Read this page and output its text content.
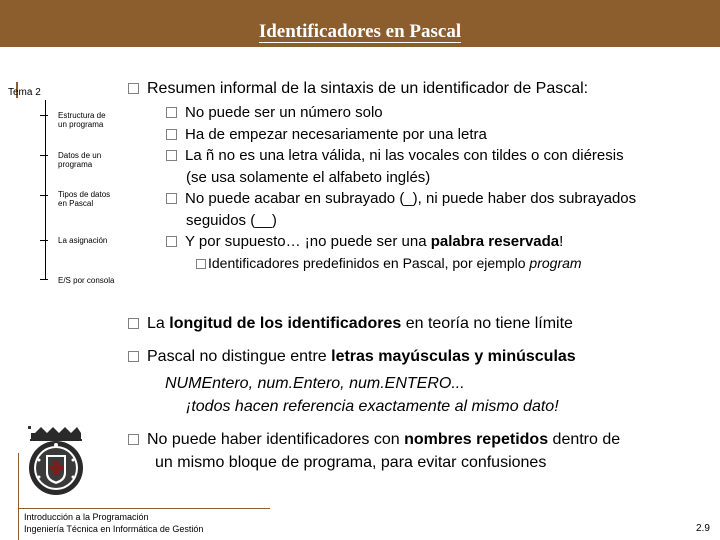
Identificadores en Pascal
Tema 2
Estructura de
un programa
Datos de un
programa
Tipos de datos
en Pascal
La asignación
E/S por consola
Resumen informal de la sintaxis de un identificador de Pascal:
No puede ser un número solo
Ha de empezar necesariamente por una letra
La ñ no es una letra válida, ni las vocales con tildes o con diéresis
(se usa solamente el alfabeto inglés)
No puede acabar en subrayado (_), ni puede haber dos subrayados
seguidos (__)
Y por supuesto… ¡no puede ser una palabra reservada!
Identificadores predefinidos en Pascal, por ejemplo program
La longitud de los identificadores en teoría no tiene límite
Pascal no distingue entre letras mayúsculas y minúsculas
NUMEntero, num.Entero, num.ENTERO...
¡todos hacen referencia exactamente al mismo dato!
No puede haber identificadores con nombres repetidos dentro de
un mismo bloque de programa, para evitar confusiones
Introducción a la Programación
Ingeniería Técnica en Informática de Gestión	2.9
